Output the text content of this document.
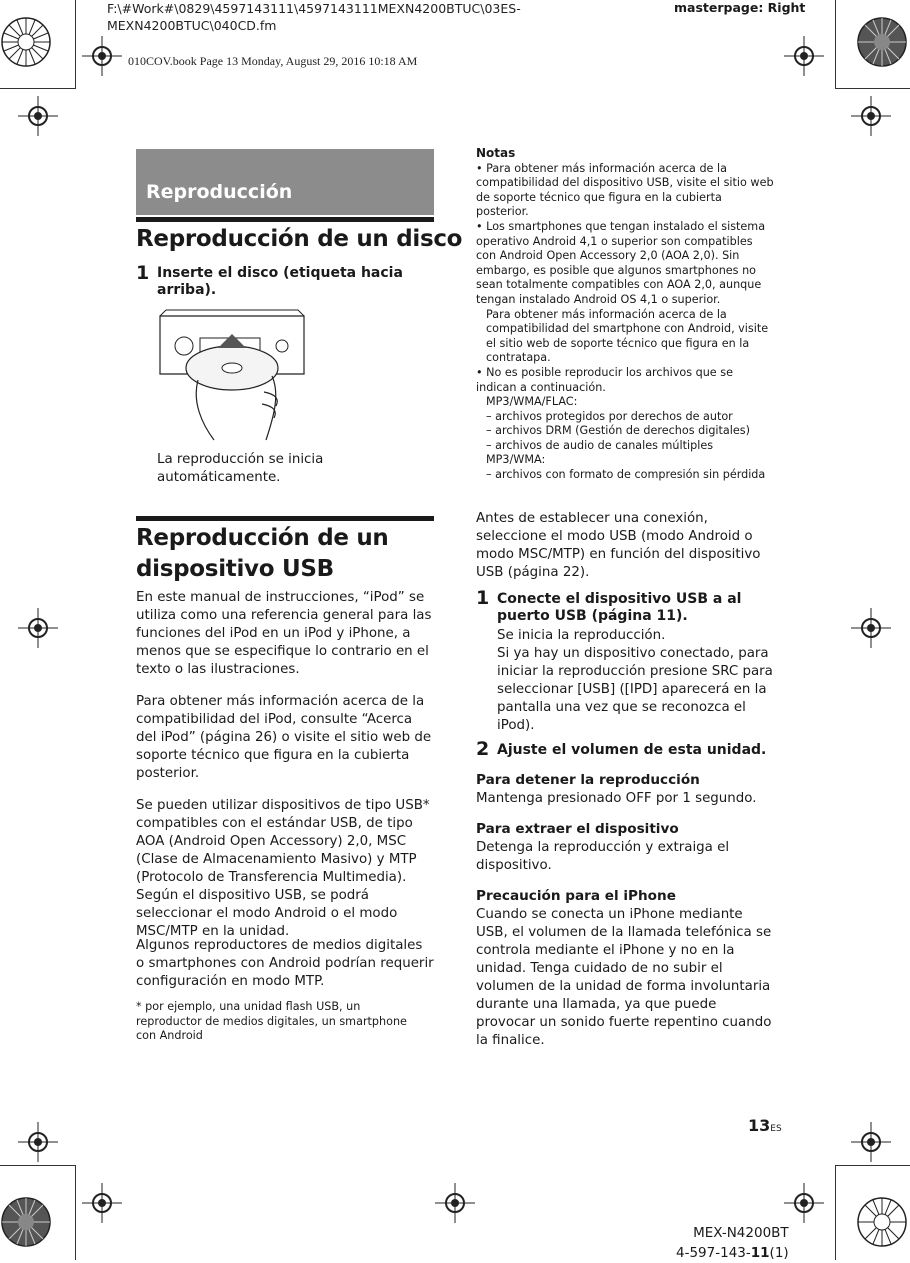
F:\#Work#\0829\4597143111\4597143111MEXN4200BTUC\03ES-
MEXN4200BTUC\040CD.fm
masterpage: Right
010COV.book Page 13 Monday, August 29, 2016 10:18 AM
Reproducción
Reproducción de un disco
1 Inserte el disco (etiqueta hacia arriba).
La reproducción se inicia automáticamente.
Reproducción de un
dispositivo USB
En este manual de instrucciones, “iPod” se utiliza como una referencia general para las funciones del iPod en un iPod y iPhone, a menos que se especifique lo contrario en el texto o las ilustraciones.
Para obtener más información acerca de la compatibilidad del iPod, consulte “Acerca del iPod” (página 26) o visite el sitio web de soporte técnico que figura en la cubierta posterior.
Se pueden utilizar dispositivos de tipo USB* compatibles con el estándar USB, de tipo AOA (Android Open Accessory) 2,0, MSC (Clase de Almacenamiento Masivo) y MTP (Protocolo de Transferencia Multimedia). Según el dispositivo USB, se podrá seleccionar el modo Android o el modo MSC/MTP en la unidad.
Algunos reproductores de medios digitales o smartphones con Android podrían requerir configuración en modo MTP.
* por ejemplo, una unidad flash USB, un reproductor de medios digitales, un smartphone con Android
Notas
• Para obtener más información acerca de la compatibilidad del dispositivo USB, visite el sitio web de soporte técnico que figura en la cubierta posterior.
• Los smartphones que tengan instalado el sistema operativo Android 4,1 o superior son compatibles con Android Open Accessory 2,0 (AOA 2,0). Sin embargo, es posible que algunos smartphones no sean totalmente compatibles con AOA 2,0, aunque tengan instalado Android OS 4,1 o superior.
Para obtener más información acerca de la compatibilidad del smartphone con Android, visite el sitio web de soporte técnico que figura en la contratapa.
• No es posible reproducir los archivos que se indican a continuación.
MP3/WMA/FLAC:
– archivos protegidos por derechos de autor
– archivos DRM (Gestión de derechos digitales)
– archivos de audio de canales múltiples
MP3/WMA:
– archivos con formato de compresión sin pérdida
Antes de establecer una conexión, seleccione el modo USB (modo Android o modo MSC/MTP) en función del dispositivo USB (página 22).
1 Conecte el dispositivo USB a al puerto USB (página 11).
Se inicia la reproducción.
Si ya hay un dispositivo conectado, para iniciar la reproducción presione SRC para seleccionar [USB] ([IPD] aparecerá en la pantalla una vez que se reconozca el iPod).
2 Ajuste el volumen de esta unidad.
Para detener la reproducción
Mantenga presionado OFF por 1 segundo.
Para extraer el dispositivo
Detenga la reproducción y extraiga el dispositivo.
Precaución para el iPhone
Cuando se conecta un iPhone mediante USB, el volumen de la llamada telefónica se controla mediante el iPhone y no en la unidad. Tenga cuidado de no subir el volumen de la unidad de forma involuntaria durante una llamada, ya que puede provocar un sonido fuerte repentino cuando la finalice.
13ES
MEX-N4200BT
4-597-143-11(1)
